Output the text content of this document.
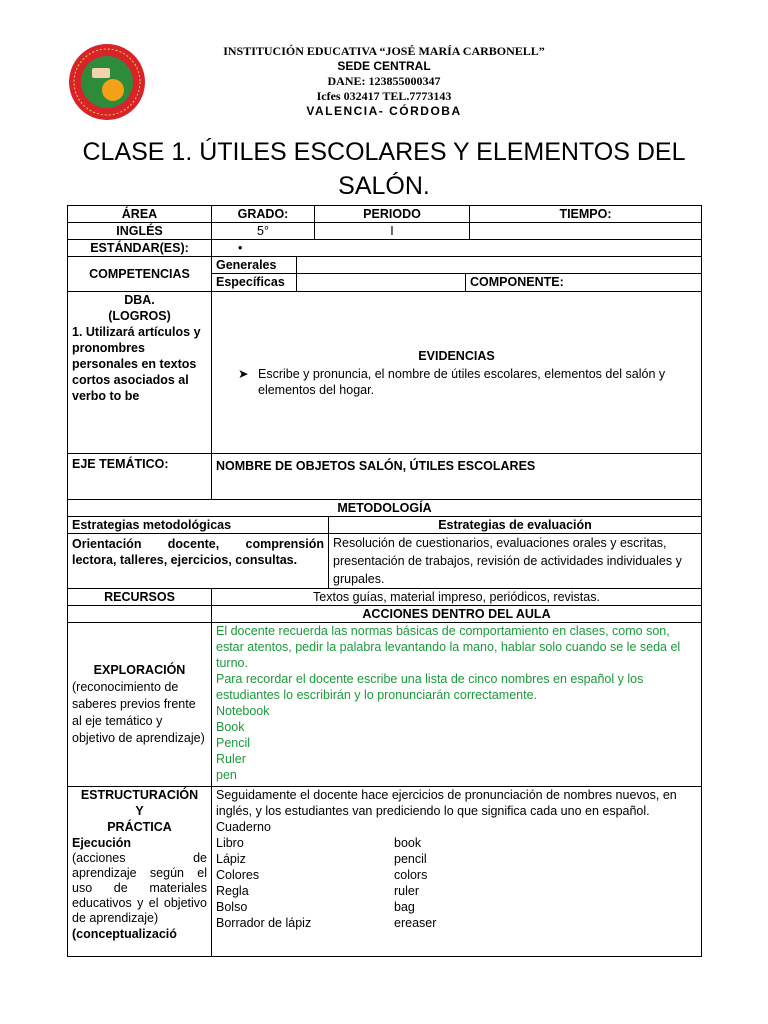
INSTITUCIÓN EDUCATIVA “JOSÉ MARÍA CARBONELL”
SEDE CENTRAL
DANE: 123855000347
Icfes 032417 TEL.7773143
VALENCIA- CÓRDOBA
CLASE 1. ÚTILES ESCOLARES Y ELEMENTOS DEL SALÓN.
ÁREA	GRADO:	PERIODO	TIEMPO:
INGLÉS	5°	I	
ESTÁNDAR(ES):	•
COMPETENCIAS	
Generales	
Específicas		COMPONENTE:

DBA.
(LOGROS)
1. Utilizará artículos y pronombres personales en textos cortos asociados al verbo to be

EVIDENCIAS
➤ Escribe y pronuncia, el nombre de útiles escolares, elementos del salón y elementos del hogar.

EJE TEMÁTICO:	NOMBRE DE OBJETOS SALÓN, ÚTILES ESCOLARES
METODOLOGÍA
Estrategias metodológicas	Estrategias de evaluación
Orientación docente, comprensión lectora, talleres, ejercicios, consultas.	Resolución de cuestionarios, evaluaciones orales y escritas, presentación de trabajos, revisión de actividades individuales y grupales.
RECURSOS	Textos guías, material impreso, periódicos, revistas.
	ACCIONES DENTRO DEL AULA

EXPLORACIÓN
(reconocimiento de saberes previos frente al eje temático y objetivo de aprendizaje)

El docente recuerda las normas básicas de comportamiento en clases, como son, estar atentos, pedir la palabra levantando la mano, hablar solo cuando se le seda el turno.
Para recordar el docente escribe una lista de cinco nombres en español y los estudiantes lo escribirán y lo pronunciarán correctamente.
Notebook
Book
Pencil
Ruler
pen

ESTRUCTURACIÓN
Y
PRÁCTICA
Ejecución
(acciones de aprendizaje según el uso de materiales educativos y el objetivo de aprendizaje)
(conceptualizació

Seguidamente el docente hace ejercicios de pronunciación de nombres nuevos, en inglés, y los estudiantes van prediciendo lo que significa cada uno en español.
Cuaderno
Libro	book
Lápiz	pencil
Colores	colors
Regla	ruler
Bolso	bag
Borrador de lápiz	ereaser
